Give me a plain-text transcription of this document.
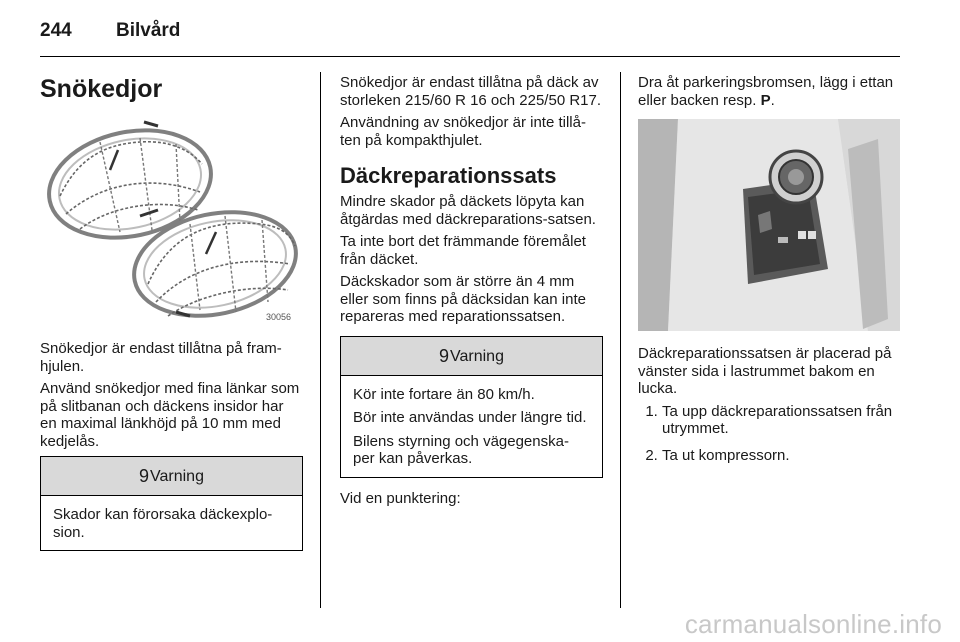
244 Bilvård
Snökedjor
30056

Snökedjor är endast tillåtna på fram-hjulen.

Använd snökedjor med fina länkar som på slitbanan och däckens insidor har en maximal länkhöjd på 10 mm med kedjelås.

9Varning

Skador kan förorsaka däckexplo-sion.

Snökedjor är endast tillåtna på däck av storleken 215/60 R 16 och 225/50 R17.

Användning av snökedjor är inte tillå-ten på kompakthjulet.

Däckreparationssats

Mindre skador på däckets löpyta kan åtgärdas med däckreparations-satsen.

Ta inte bort det främmande föremålet från däcket.

Däckskador som är större än 4 mm eller som finns på däcksidan kan inte repareras med reparationssatsen.

9Varning

Kör inte fortare än 80 km/h.

Bör inte användas under längre tid.

Bilens styrning och vägegenska-per kan påverkas.

Vid en punktering:

Dra åt parkeringsbromsen, lägg i ettan eller backen resp. P.

Däckreparationssatsen är placerad på vänster sida i lastrummet bakom en lucka.

1. Ta upp däckreparationssatsen från utrymmet.
2. Ta ut kompressorn.
carmanualsonline.info
